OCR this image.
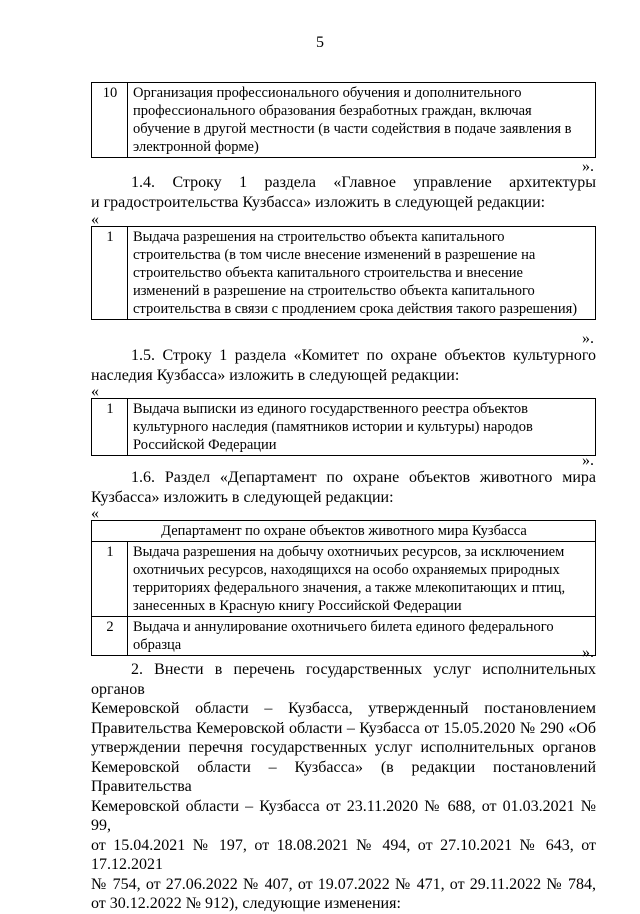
5
10	Организация профессионального обучения и дополнительного профессионального образования безработных граждан, включая обучение в другой местности (в части содействия в подаче заявления в электронной форме)
».
1.4. Строку 1 раздела «Главное управление архитектуры
и градостроительства Кузбасса» изложить в следующей редакции:
«
1	Выдача разрешения на строительство объекта капитального строительства (в том числе внесение изменений в разрешение на строительство объекта капитального строительства и внесение изменений в разрешение на строительство объекта капитального строительства в связи с продлением срока действия такого разрешения)
».
1.5. Строку 1 раздела «Комитет по охране объектов культурного
наследия Кузбасса» изложить в следующей редакции:
«
1	Выдача выписки из единого государственного реестра объектов культурного наследия (памятников истории и культуры) народов Российской Федерации
».
1.6. Раздел «Департамент по охране объектов животного мира
Кузбасса» изложить в следующей редакции:
«
Департамент по охране объектов животного мира Кузбасса	
1	Выдача разрешения на добычу охотничьих ресурсов, за исключением охотничьих ресурсов, находящихся на особо охраняемых природных территориях федерального значения, а также млекопитающих и птиц, занесенных в Красную книгу Российской Федерации
2	Выдача и аннулирование охотничьего билета единого федерального образца	».
2. Внести в перечень государственных услуг исполнительных органов
Кемеровской области – Кузбасса, утвержденный постановлением
Правительства Кемеровской области – Кузбасса от 15.05.2020 № 290 «Об
утверждении перечня государственных услуг исполнительных органов
Кемеровской области – Кузбасса» (в редакции постановлений Правительства
Кемеровской области – Кузбасса от 23.11.2020 № 688, от 01.03.2021 № 99,
от 15.04.2021 № 197, от 18.08.2021 № 494, от 27.10.2021 № 643, от 17.12.2021
№ 754, от 27.06.2022 № 407, от 19.07.2022 № 471, от 29.11.2022 № 784,
от 30.12.2022 № 912), следующие изменения:
